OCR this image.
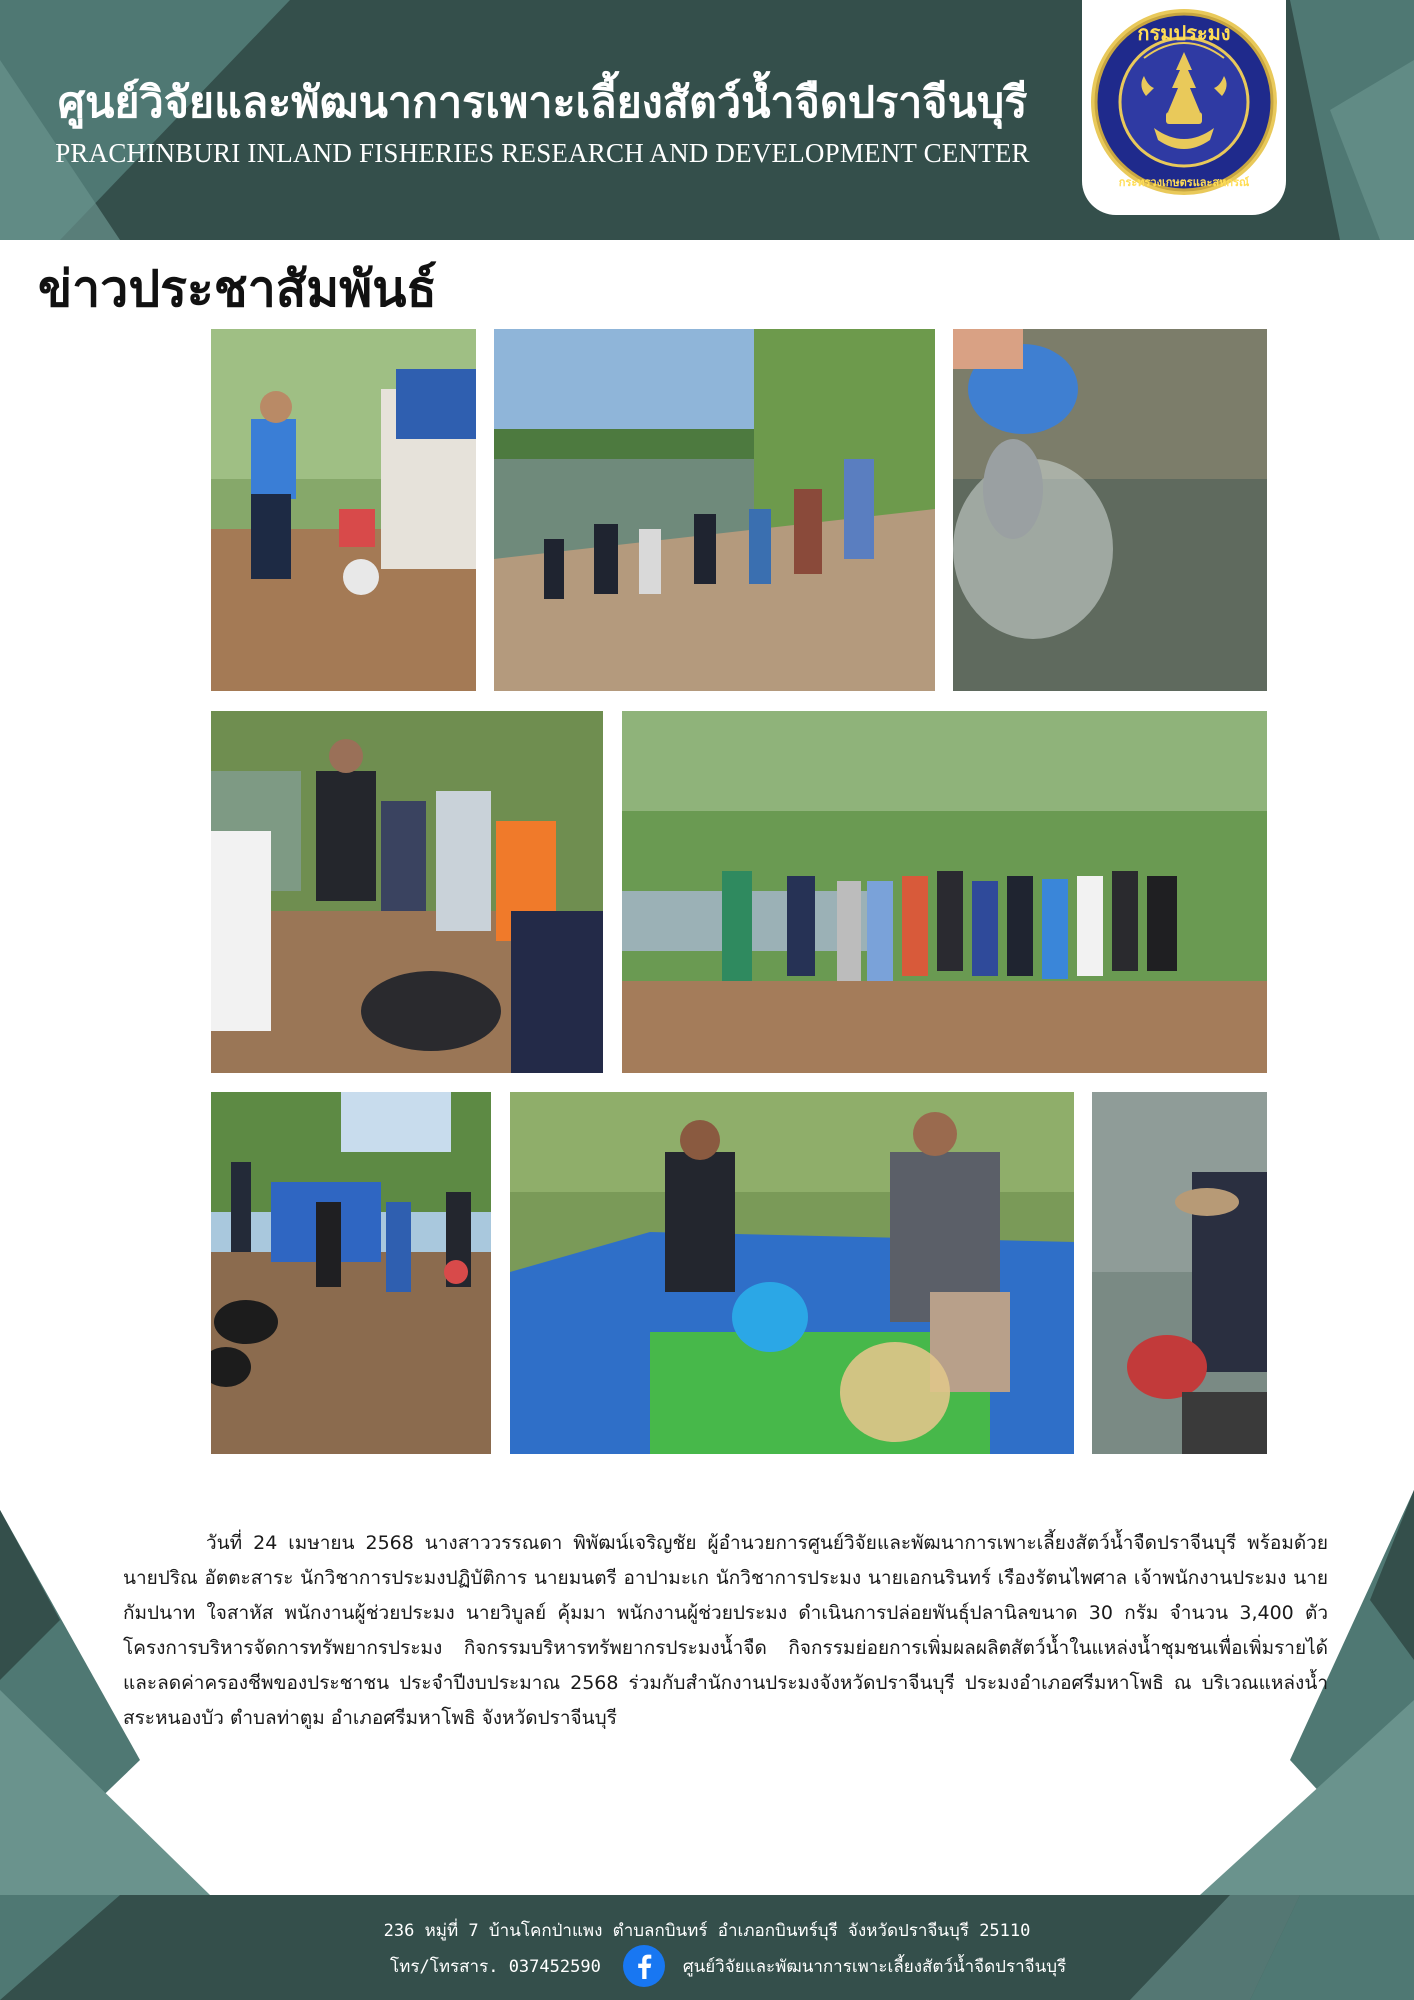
ศูนย์วิจัยและพัฒนาการเพาะเลี้ยงสัตว์น้ำจืดปราจีนบุรี
PRACHINBURI INLAND FISHERIES RESEARCH AND DEVELOPMENT CENTER
กรมประมง
กระทรวงเกษตรและสหกรณ์
ข่าวประชาสัมพันธ์

วันที่ 24 เมษายน 2568 นางสาววรรณดา พิพัฒน์เจริญชัย ผู้อำนวยการศูนย์วิจัยและพัฒนาการเพาะเลี้ยงสัตว์น้ำจืดปราจีนบุรี พร้อมด้วย นายปริณ อัตตะสาระ นักวิชาการประมงปฏิบัติการ นายมนตรี อาปามะเก นักวิชาการประมง นายเอกนรินทร์ เรืองรัตนไพศาล เจ้าพนักงานประมง นายกัมปนาท ใจสาหัส พนักงานผู้ช่วยประมง นายวิบูลย์ คุ้มมา พนักงานผู้ช่วยประมง ดำเนินการปล่อยพันธุ์ปลานิลขนาด 30 กรัม จำนวน 3,400 ตัว โครงการบริหารจัดการทรัพยากรประมง กิจกรรมบริหารทรัพยากรประมงน้ำจืด กิจกรรมย่อยการเพิ่มผลผลิตสัตว์น้ำในแหล่งน้ำชุมชนเพื่อเพิ่มรายได้และลดค่าครองชีพของประชาชน ประจำปีงบประมาณ 2568 ร่วมกับสำนักงานประมงจังหวัดปราจีนบุรี ประมงอำเภอศรีมหาโพธิ ณ บริเวณแหล่งน้ำสระหนองบัว ตำบลท่าตูม อำเภอศรีมหาโพธิ จังหวัดปราจีนบุรี

236 หมู่ที่ 7 บ้านโคกป่าแพง ตำบลกบินทร์ อำเภอกบินทร์บุรี จังหวัดปราจีนบุรี 25110
โทร/โทรสาร. 037452590	ศูนย์วิจัยและพัฒนาการเพาะเลี้ยงสัตว์น้ำจืดปราจีนบุรี
